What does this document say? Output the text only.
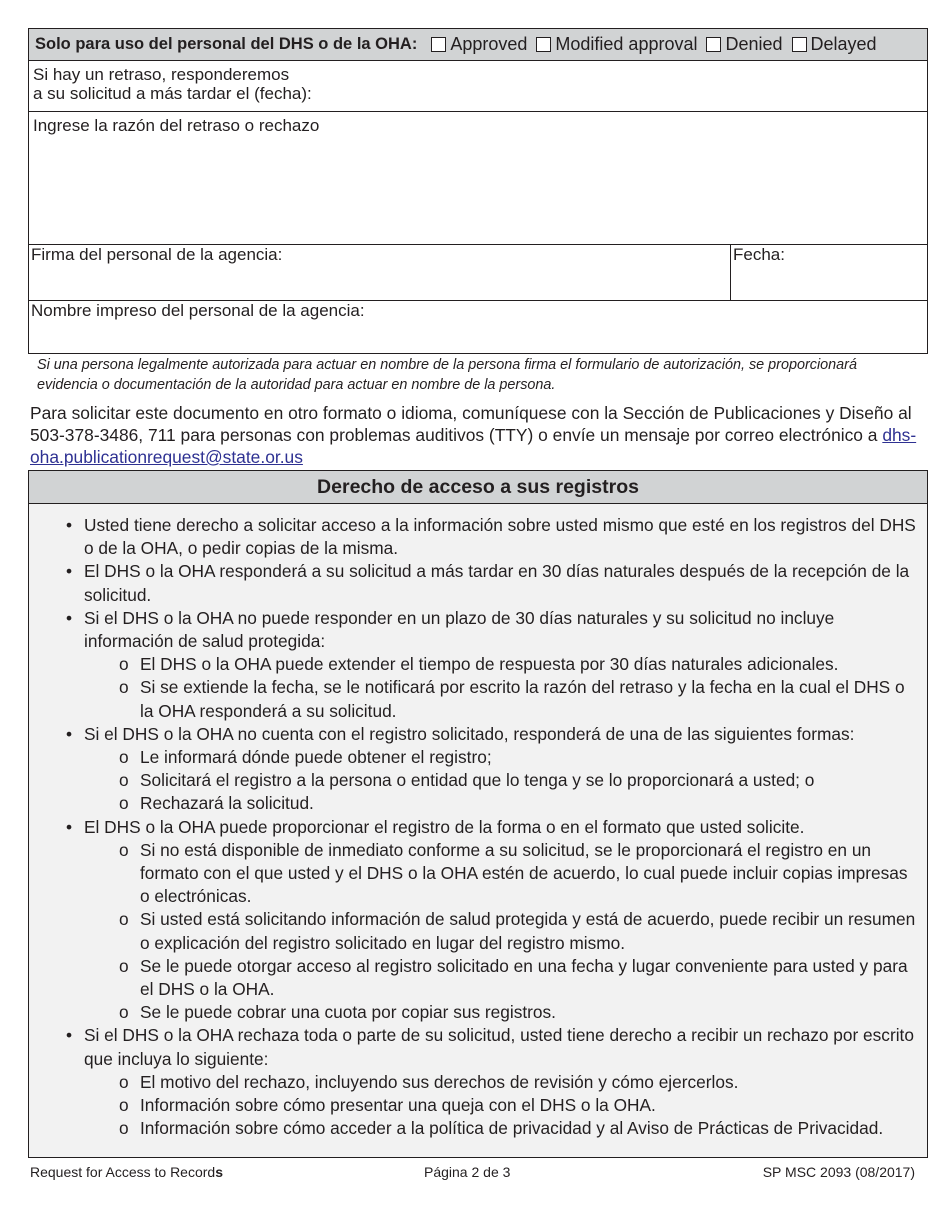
Solo para uso del personal del DHS o de la OHA: Approved Modified approval Denied Delayed
Si hay un retraso, responderemos
a su solicitud a más tardar el (fecha):
Ingrese la razón del retraso o rechazo
Firma del personal de la agencia:	Fecha:
Nombre impreso del personal de la agencia:

Si una persona legalmente autorizada para actuar en nombre de la persona firma el formulario de autorización, se proporcionará evidencia o documentación de la autoridad para actuar en nombre de la persona.

Para solicitar este documento en otro formato o idioma, comuníquese con la Sección de Publicaciones y Diseño al 503-378-3486, 711 para personas con problemas auditivos (TTY) o envíe un mensaje por correo electrónico a dhs-oha.publicationrequest@state.or.us

Derecho de acceso a sus registros
• Usted tiene derecho a solicitar acceso a la información sobre usted mismo que esté en los registros del DHS o de la OHA, o pedir copias de la misma.
• El DHS o la OHA responderá a su solicitud a más tardar en 30 días naturales después de la recepción de la solicitud.
• Si el DHS o la OHA no puede responder en un plazo de 30 días naturales y su solicitud no incluye información de salud protegida:
o El DHS o la OHA puede extender el tiempo de respuesta por 30 días naturales adicionales.
o Si se extiende la fecha, se le notificará por escrito la razón del retraso y la fecha en la cual el DHS o la OHA responderá a su solicitud.
• Si el DHS o la OHA no cuenta con el registro solicitado, responderá de una de las siguientes formas:
o Le informará dónde puede obtener el registro;
o Solicitará el registro a la persona o entidad que lo tenga y se lo proporcionará a usted; o
o Rechazará la solicitud.
• El DHS o la OHA puede proporcionar el registro de la forma o en el formato que usted solicite.
o Si no está disponible de inmediato conforme a su solicitud, se le proporcionará el registro en un formato con el que usted y el DHS o la OHA estén de acuerdo, lo cual puede incluir copias impresas o electrónicas.
o Si usted está solicitando información de salud protegida y está de acuerdo, puede recibir un resumen o explicación del registro solicitado en lugar del registro mismo.
o Se le puede otorgar acceso al registro solicitado en una fecha y lugar conveniente para usted y para el DHS o la OHA.
o Se le puede cobrar una cuota por copiar sus registros.
• Si el DHS o la OHA rechaza toda o parte de su solicitud, usted tiene derecho a recibir un rechazo por escrito que incluya lo siguiente:
o El motivo del rechazo, incluyendo sus derechos de revisión y cómo ejercerlos.
o Información sobre cómo presentar una queja con el DHS o la OHA.
o Información sobre cómo acceder a la política de privacidad y al Aviso de Prácticas de Privacidad.
Request for Access to Records	Página 2 de 3	SP MSC 2093 (08/2017)
